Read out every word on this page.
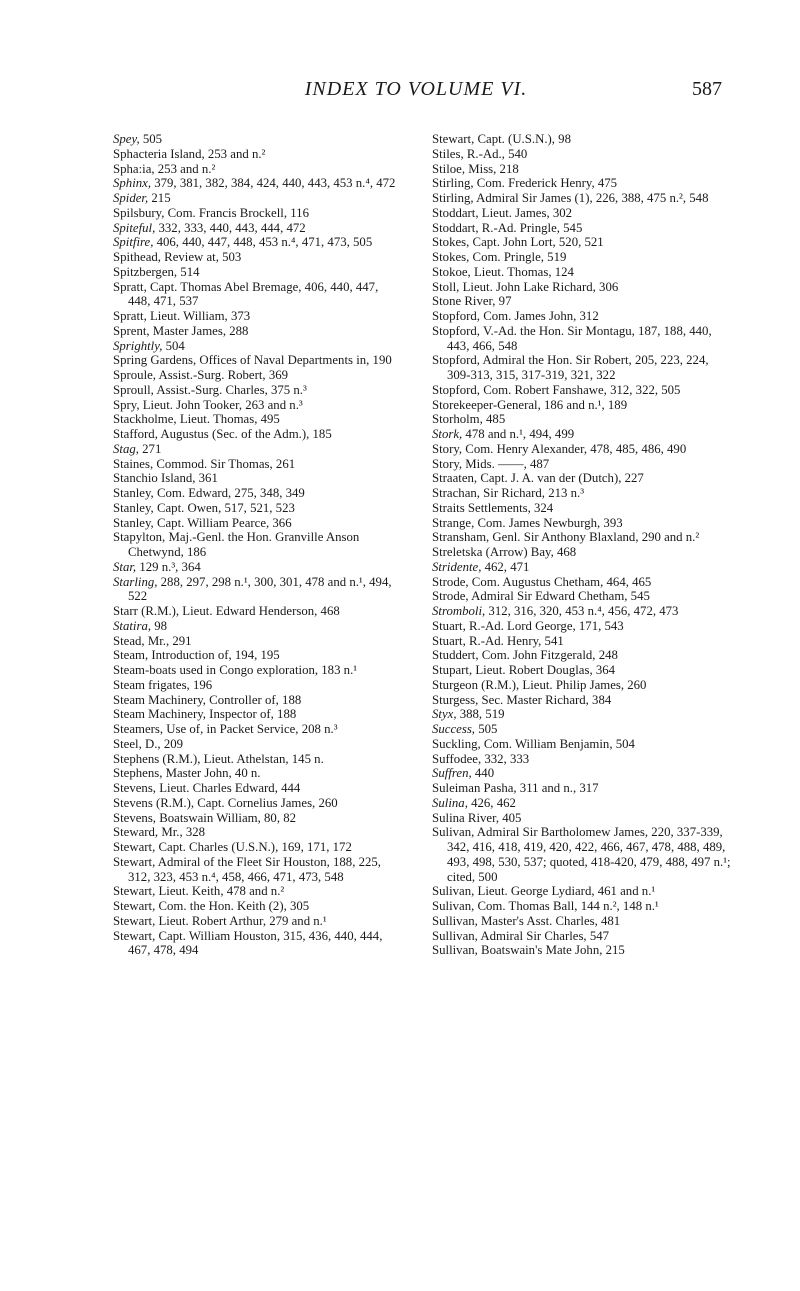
INDEX TO VOLUME VI.	587
Spey, 505
Sphacteria Island, 253 and n.²
Spha​:ia, 253 and n.²
Sphinx, 379, 381, 382, 384, 424, 440, 443, 453 n.⁴, 472
Spider, 215
Spilsbury, Com. Francis Brockell, 116
Spiteful, 332, 333, 440, 443, 444, 472
Spitfire, 406, 440, 447, 448, 453 n.⁴, 471, 473, 505
Spithead, Review at, 503
Spitzbergen, 514
Spratt, Capt. Thomas Abel Bremage, 406, 440, 447, 448, 471, 537
Spratt, Lieut. William, 373
Sprent, Master James, 288
Sprightly, 504
Spring Gardens, Offices of Naval Departments in, 190
Sproule, Assist.-Surg. Robert, 369
Sproull, Assist.-Surg. Charles, 375 n.³
Spry, Lieut. John Tooker, 263 and n.³
Stackholme, Lieut. Thomas, 495
Stafford, Augustus (Sec. of the Adm.), 185
Stag, 271
Staines, Commod. Sir Thomas, 261
Stanchio Island, 361
Stanley, Com. Edward, 275, 348, 349
Stanley, Capt. Owen, 517, 521, 523
Stanley, Capt. William Pearce, 366
Stapylton, Maj.-Genl. the Hon. Granville Anson Chetwynd, 186
Star, 129 n.³, 364
Starling, 288, 297, 298 n.¹, 300, 301, 478 and n.¹, 494, 522
Starr (R.M.), Lieut. Edward Henderson, 468
Statira, 98
Stead, Mr., 291
Steam, Introduction of, 194, 195
Steam-boats used in Congo exploration, 183 n.¹
Steam frigates, 196
Steam Machinery, Controller of, 188
Steam Machinery, Inspector of, 188
Steamers, Use of, in Packet Service, 208 n.³
Steel, D., 209
Stephens (R.M.), Lieut. Athelstan, 145 n.
Stephens, Master John, 40 n.
Stevens, Lieut. Charles Edward, 444
Stevens (R.M.), Capt. Cornelius James, 260
Stevens, Boatswain William, 80, 82
Steward, Mr., 328
Stewart, Capt. Charles (U.S.N.), 169, 171, 172
Stewart, Admiral of the Fleet Sir Houston, 188, 225, 312, 323, 453 n.⁴, 458, 466, 471, 473, 548
Stewart, Lieut. Keith, 478 and n.²
Stewart, Com. the Hon. Keith (2), 305
Stewart, Lieut. Robert Arthur, 279 and n.¹
Stewart, Capt. William Houston, 315, 436, 440, 444, 467, 478, 494
Stewart, Capt. (U.S.N.), 98
Stiles, R.-Ad., 540
Stiloe, Miss, 218
Stirling, Com. Frederick Henry, 475
Stirling, Admiral Sir James (1), 226, 388, 475 n.², 548
Stoddart, Lieut. James, 302
Stoddart, R.-Ad. Pringle, 545
Stokes, Capt. John Lort, 520, 521
Stokes, Com. Pringle, 519
Stokoe, Lieut. Thomas, 124
Stoll, Lieut. John Lake Richard, 306
Stone River, 97
Stopford, Com. James John, 312
Stopford, V.-Ad. the Hon. Sir Montagu, 187, 188, 440, 443, 466, 548
Stopford, Admiral the Hon. Sir Robert, 205, 223, 224, 309-313, 315, 317-319, 321, 322
Stopford, Com. Robert Fanshawe, 312, 322, 505
Storekeeper-General, 186 and n.¹, 189
Storholm, 485
Stork, 478 and n.¹, 494, 499
Story, Com. Henry Alexander, 478, 485, 486, 490
Story, Mids. ——, 487
Straaten, Capt. J. A. van der (Dutch), 227
Strachan, Sir Richard, 213 n.³
Straits Settlements, 324
Strange, Com. James Newburgh, 393
Stransham, Genl. Sir Anthony Blaxland, 290 and n.²
Streletska (Arrow) Bay, 468
Stridente, 462, 471
Strode, Com. Augustus Chetham, 464, 465
Strode, Admiral Sir Edward Chetham, 545
Stromboli, 312, 316, 320, 453 n.⁴, 456, 472, 473
Stuart, R.-Ad. Lord George, 171, 543
Stuart, R.-Ad. Henry, 541
Studdert, Com. John Fitzgerald, 248
Stupart, Lieut. Robert Douglas, 364
Sturgeon (R.M.), Lieut. Philip James, 260
Sturgess, Sec. Master Richard, 384
Styx, 388, 519
Success, 505
Suckling, Com. William Benjamin, 504
Suffodee, 332, 333
Suffren, 440
Suleiman Pasha, 311 and n., 317
Sulina, 426, 462
Sulina River, 405
Sulivan, Admiral Sir Bartholomew James, 220, 337-339, 342, 416, 418, 419, 420, 422, 466, 467, 478, 488, 489, 493, 498, 530, 537; quoted, 418-420, 479, 488, 497 n.¹; cited, 500
Sulivan, Lieut. George Lydiard, 461 and n.¹
Sulivan, Com. Thomas Ball, 144 n.², 148 n.¹
Sullivan, Master's Asst. Charles, 481
Sullivan, Admiral Sir Charles, 547
Sullivan, Boatswain's Mate John, 215
